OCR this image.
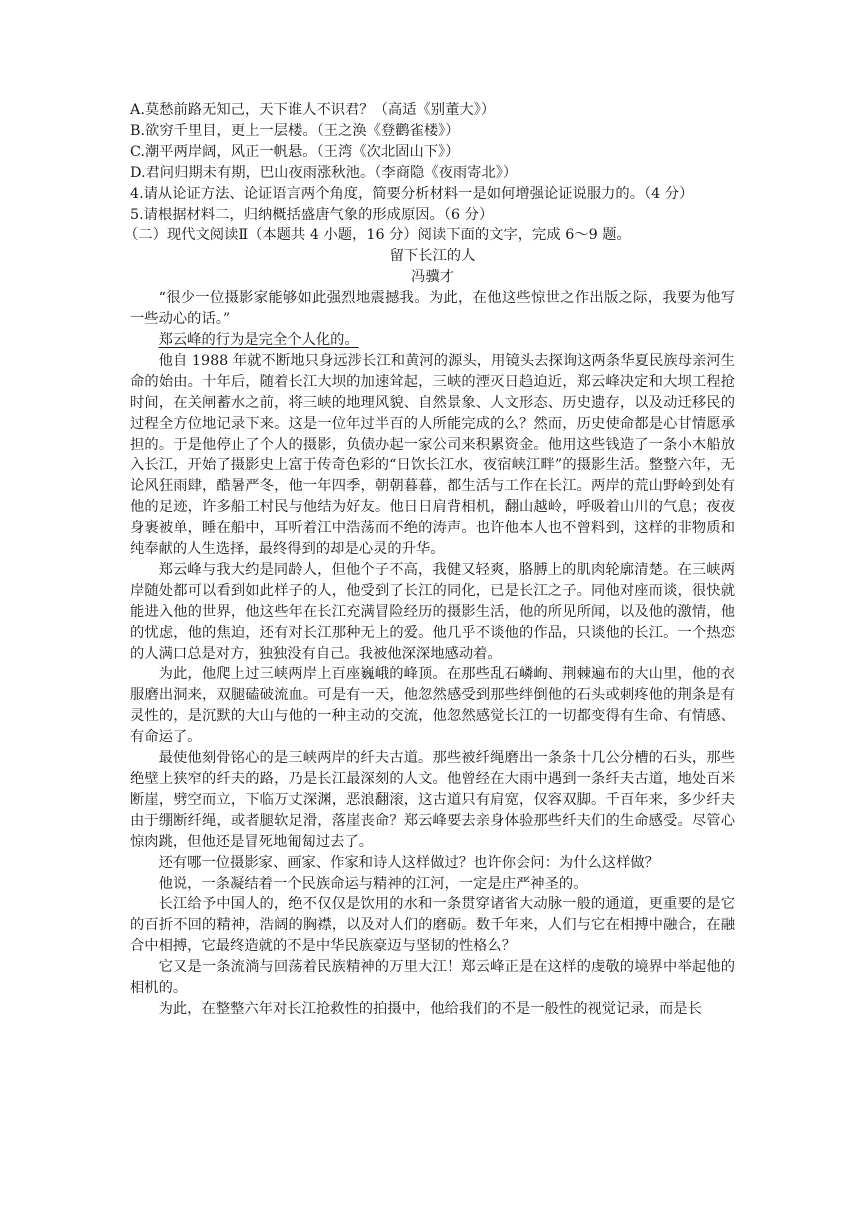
A.莫愁前路无知己，天下谁人不识君？（高适《别董大》）
B.欲穷千里目，更上一层楼。（王之涣《登鹳雀楼》）
C.潮平两岸阔，风正一帆悬。（王湾《次北固山下》）
D.君问归期未有期，巴山夜雨涨秋池。（李商隐《夜雨寄北》）
4.请从论证方法、论证语言两个角度，简要分析材料一是如何增强论证说服力的。（4 分）
5.请根据材料二，归纳概括盛唐气象的形成原因。（6 分）
（二）现代文阅读Ⅱ（本题共 4 小题，16 分）阅读下面的文字，完成 6～9 题。
留下长江的人
冯骥才

“很少一位摄影家能够如此强烈地震撼我。为此，在他这些惊世之作出版之际，我要为他写一些动心的话。”

郑云峰的行为是完全个人化的。

他自 1988 年就不断地只身远涉长江和黄河的源头，用镜头去探询这两条华夏民族母亲河生命的始由。十年后，随着长江大坝的加速耸起，三峡的湮灭日趋迫近，郑云峰决定和大坝工程抢时间，在关闸蓄水之前，将三峡的地理风貌、自然景象、人文形态、历史遗存，以及动迁移民的过程全方位地记录下来。这是一位年过半百的人所能完成的么？然而，历史使命都是心甘情愿承担的。于是他停止了个人的摄影，负债办起一家公司来积累资金。他用这些钱造了一条小木船放入长江，开始了摄影史上富于传奇色彩的“日饮长江水，夜宿峡江畔”的摄影生活。整整六年，无论风狂雨肆，酷暑严冬，他一年四季，朝朝暮暮，都生活与工作在长江。两岸的荒山野岭到处有他的足迹，许多船工村民与他结为好友。他日日肩背相机，翻山越岭，呼吸着山川的气息；夜夜身裹被单，睡在船中，耳听着江中浩荡而不绝的涛声。也许他本人也不曾料到，这样的非物质和纯奉献的人生选择，最终得到的却是心灵的升华。

郑云峰与我大约是同龄人，但他个子不高，我健又轻爽，胳膊上的肌肉轮廓清楚。在三峡两岸随处都可以看到如此样子的人，他受到了长江的同化，已是长江之子。同他对座而谈，很快就能进入他的世界，他这些年在长江充满冒险经历的摄影生活，他的所见所闻，以及他的激情，他的忧虑，他的焦迫，还有对长江那种无上的爱。他几乎不谈他的作品，只谈他的长江。一个热恋的人满口总是对方，独独没有自己。我被他深深地感动着。

为此，他爬上过三峡两岸上百座巍峨的峰顶。在那些乱石嶙峋、荆棘遍布的大山里，他的衣服磨出洞来，双腿磕破流血。可是有一天，他忽然感受到那些绊倒他的石头或刺疼他的荆条是有灵性的，是沉默的大山与他的一种主动的交流，他忽然感觉长江的一切都变得有生命、有情感、有命运了。

最使他刻骨铭心的是三峡两岸的纤夫古道。那些被纤绳磨出一条条十几公分槽的石头，那些绝壁上狭窄的纤夫的路，乃是长江最深刻的人文。他曾经在大雨中遇到一条纤夫古道，地处百米断崖，劈空而立，下临万丈深渊，恶浪翻滚，这古道只有肩宽，仅容双脚。千百年来，多少纤夫由于绷断纤绳，或者腿软足滑，落崖丧命？郑云峰要去亲身体验那些纤夫们的生命感受。尽管心惊肉跳，但他还是冒死地匍匐过去了。

还有哪一位摄影家、画家、作家和诗人这样做过？也许你会问：为什么这样做？

他说，一条凝结着一个民族命运与精神的江河，一定是庄严神圣的。

长江给予中国人的，绝不仅仅是饮用的水和一条贯穿诸省大动脉一般的通道，更重要的是它的百折不回的精神，浩阔的胸襟，以及对人们的磨砺。数千年来，人们与它在相搏中融合，在融合中相搏，它最终造就的不是中华民族豪迈与坚韧的性格么？

它又是一条流淌与回荡着民族精神的万里大江！郑云峰正是在这样的虔敬的境界中举起他的相机的。

为此，在整整六年对长江抢救性的拍摄中，他给我们的不是一般性的视觉记录，而是长
